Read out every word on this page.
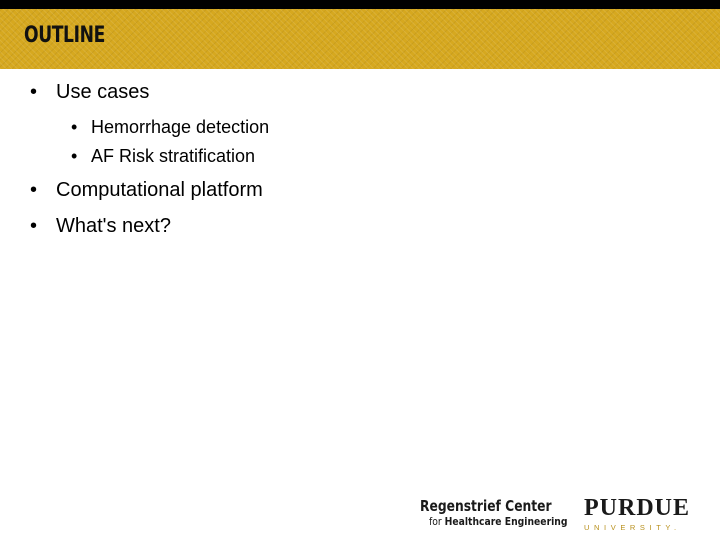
OUTLINE
• Use cases
• Hemorrhage detection
• AF Risk stratification
• Computational platform
• What's next?
Regenstrief Center
for Healthcare Engineering
PURDUE
UNIVERSITY.
